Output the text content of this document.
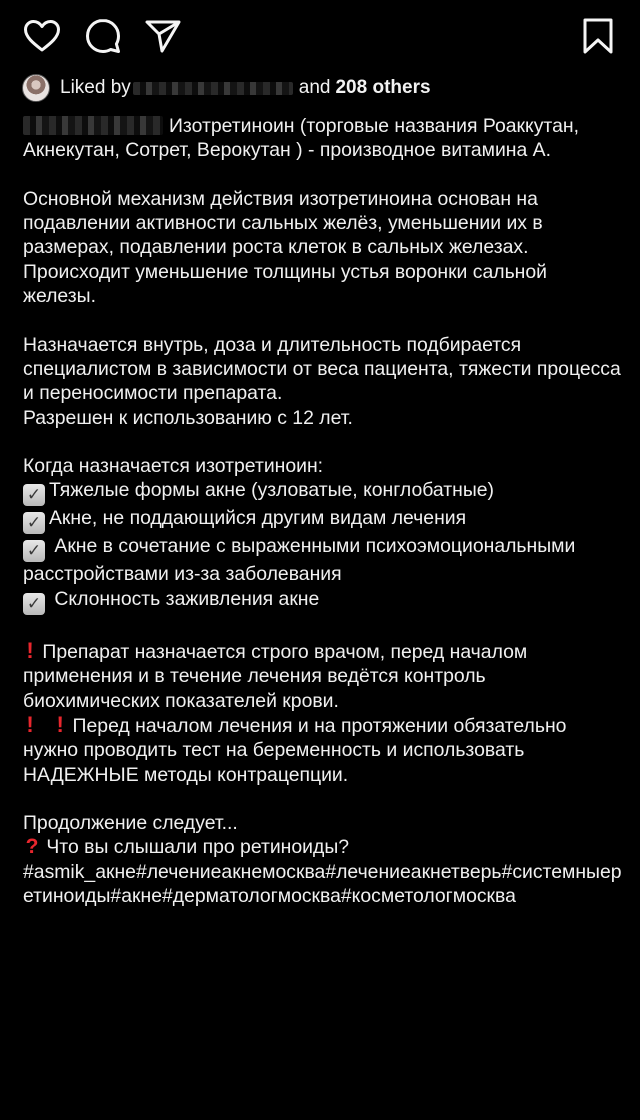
Liked by	and 208 others

Изотретиноин (торговые названия Роаккутан, Акнекутан, Сотрет, Верокутан ) - производное витамина А.

Основной механизм действия изотретиноина основан на подавлении активности сальных желёз, уменьшении их в размерах, подавлении роста клеток в сальных железах. Происходит уменьшение толщины устья воронки сальной железы.

Назначается внутрь, доза и длительность подбирается специалистом в зависимости от веса пациента, тяжести процесса и переносимости препарата.

Разрешен к использованию с 12 лет.

Когда назначается изотретиноин:

✓ Тяжелые формы акне (узловатые, конглобатные)

✓ Акне, не поддающийся другим видам лечения

✓ Акне в сочетание с выраженными психоэмоциональными расстройствами из-за заболевания

✓ Склонность заживления акне

! Препарат назначается строго врачом, перед началом применения и в течение лечения ведётся контроль биохимических показателей крови.

! ! Перед началом лечения и на протяжении обязательно нужно проводить тест на беременность и использовать НАДЕЖНЫЕ методы контрацепции.

Продолжение следует...

? Что вы слышали про ретиноиды?

#asmik_акне#лечениеакнемосква#лечениеакнетверь#системныеретиноиды#акне#дерматологмосква#косметологмосква
